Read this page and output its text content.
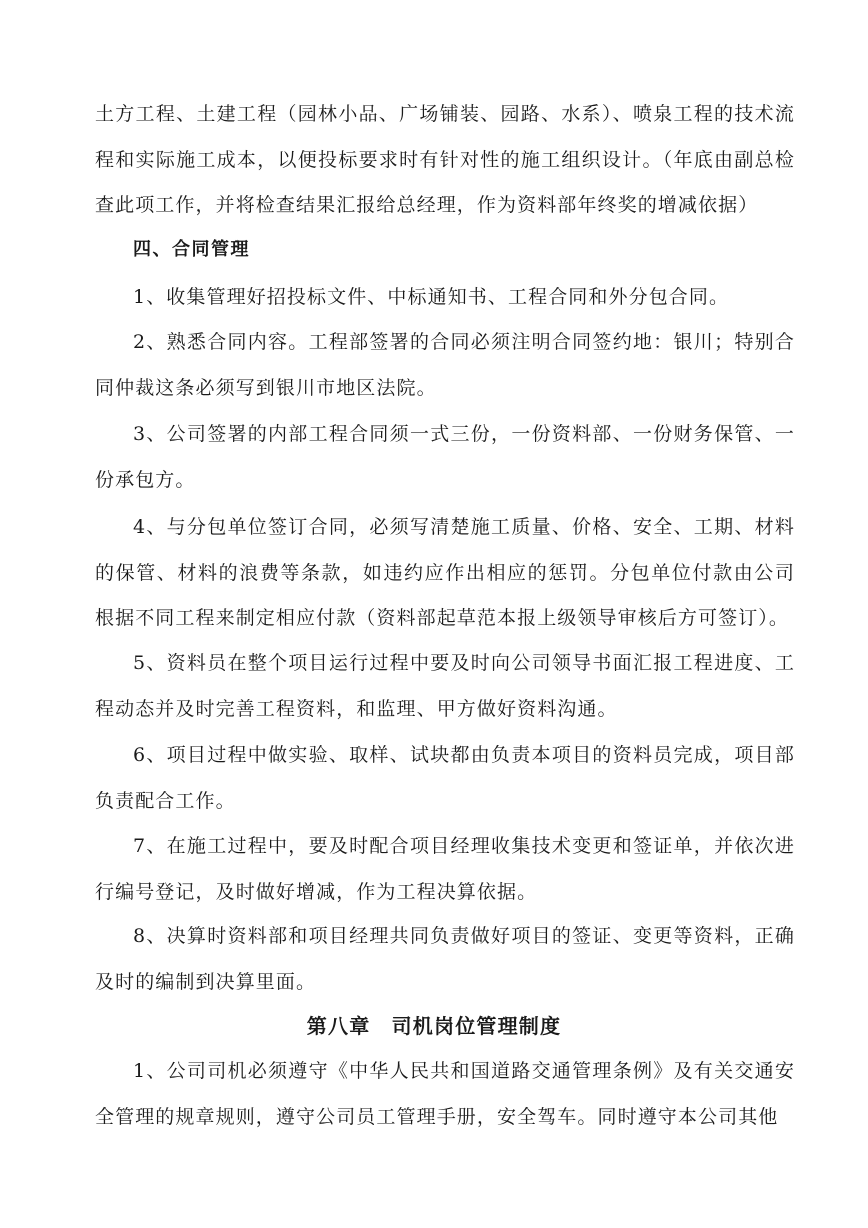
土方工程、土建工程（园林小品、广场铺装、园路、水系）、喷泉工程的技术流程和实际施工成本，以便投标要求时有针对性的施工组织设计。（年底由副总检查此项工作，并将检查结果汇报给总经理，作为资料部年终奖的增减依据）

四、合同管理

1、收集管理好招投标文件、中标通知书、工程合同和外分包合同。

2、熟悉合同内容。工程部签署的合同必须注明合同签约地：银川；特别合同仲裁这条必须写到银川市地区法院。

3、公司签署的内部工程合同须一式三份，一份资料部、一份财务保管、一份承包方。

4、与分包单位签订合同，必须写清楚施工质量、价格、安全、工期、材料的保管、材料的浪费等条款，如违约应作出相应的惩罚。分包单位付款由公司根据不同工程来制定相应付款（资料部起草范本报上级领导审核后方可签订）。

5、资料员在整个项目运行过程中要及时向公司领导书面汇报工程进度、工程动态并及时完善工程资料，和监理、甲方做好资料沟通。

6、项目过程中做实验、取样、试块都由负责本项目的资料员完成，项目部负责配合工作。

7、在施工过程中，要及时配合项目经理收集技术变更和签证单，并依次进行编号登记，及时做好增减，作为工程决算依据。

8、决算时资料部和项目经理共同负责做好项目的签证、变更等资料，正确及时的编制到决算里面。

第八章　司机岗位管理制度

1、公司司机必须遵守《中华人民共和国道路交通管理条例》及有关交通安全管理的规章规则，遵守公司员工管理手册，安全驾车。同时遵守本公司其他
